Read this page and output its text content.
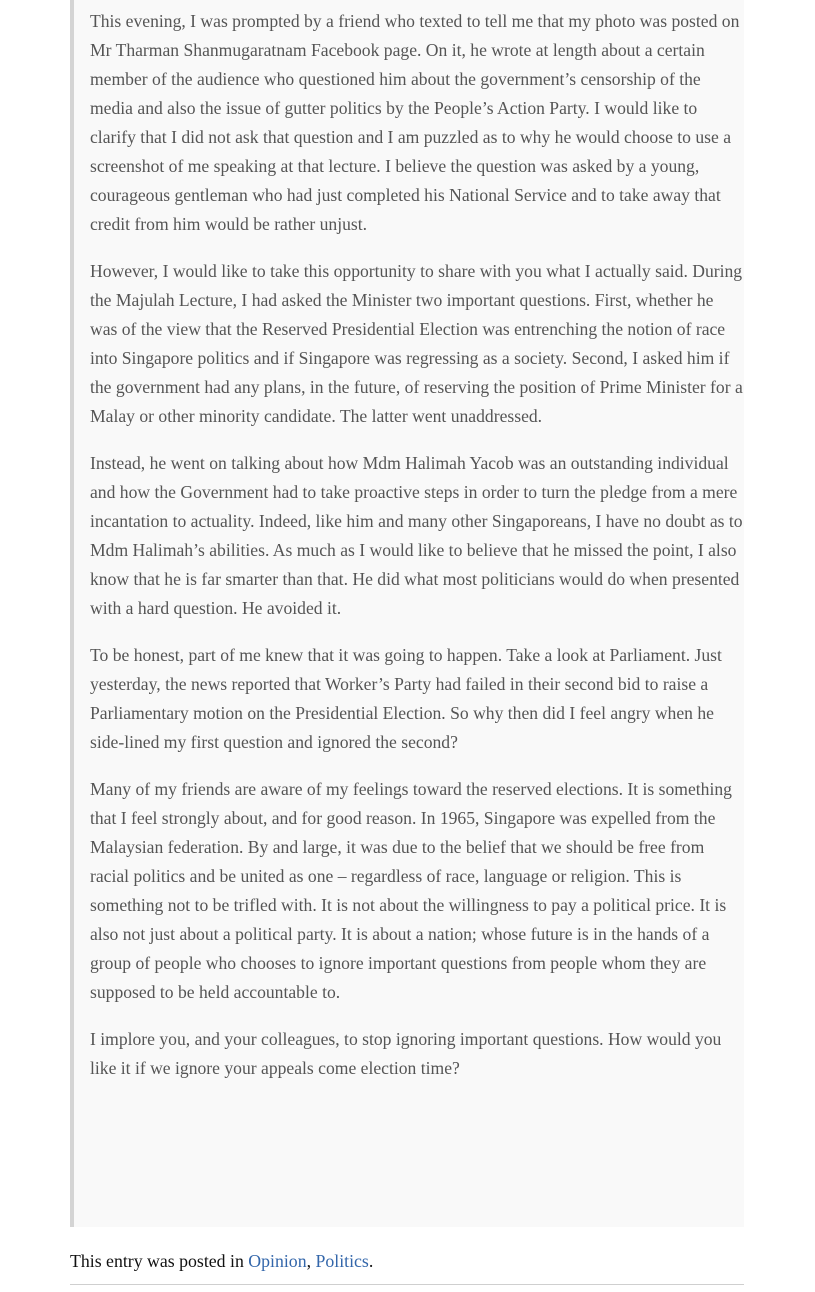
This evening, I was prompted by a friend who texted to tell me that my photo was posted on Mr Tharman Shanmugaratnam Facebook page. On it, he wrote at length about a certain member of the audience who questioned him about the government’s censorship of the media and also the issue of gutter politics by the People’s Action Party. I would like to clarify that I did not ask that question and I am puzzled as to why he would choose to use a screenshot of me speaking at that lecture. I believe the question was asked by a young, courageous gentleman who had just completed his National Service and to take away that credit from him would be rather unjust.

However, I would like to take this opportunity to share with you what I actually said. During the Majulah Lecture, I had asked the Minister two important questions. First, whether he was of the view that the Reserved Presidential Election was entrenching the notion of race into Singapore politics and if Singapore was regressing as a society. Second, I asked him if the government had any plans, in the future, of reserving the position of Prime Minister for a Malay or other minority candidate. The latter went unaddressed.

Instead, he went on talking about how Mdm Halimah Yacob was an outstanding individual and how the Government had to take proactive steps in order to turn the pledge from a mere incantation to actuality. Indeed, like him and many other Singaporeans, I have no doubt as to Mdm Halimah’s abilities. As much as I would like to believe that he missed the point, I also know that he is far smarter than that. He did what most politicians would do when presented with a hard question. He avoided it.

To be honest, part of me knew that it was going to happen. Take a look at Parliament. Just yesterday, the news reported that Worker’s Party had failed in their second bid to raise a Parliamentary motion on the Presidential Election. So why then did I feel angry when he side-lined my first question and ignored the second?

Many of my friends are aware of my feelings toward the reserved elections. It is something that I feel strongly about, and for good reason. In 1965, Singapore was expelled from the Malaysian federation. By and large, it was due to the belief that we should be free from racial politics and be united as one – regardless of race, language or religion. This is something not to be trifled with. It is not about the willingness to pay a political price. It is also not just about a political party. It is about a nation; whose future is in the hands of a group of people who chooses to ignore important questions from people whom they are supposed to be held accountable to.

I implore you, and your colleagues, to stop ignoring important questions. How would you like it if we ignore your appeals come election time?

This entry was posted in Opinion, Politics.
